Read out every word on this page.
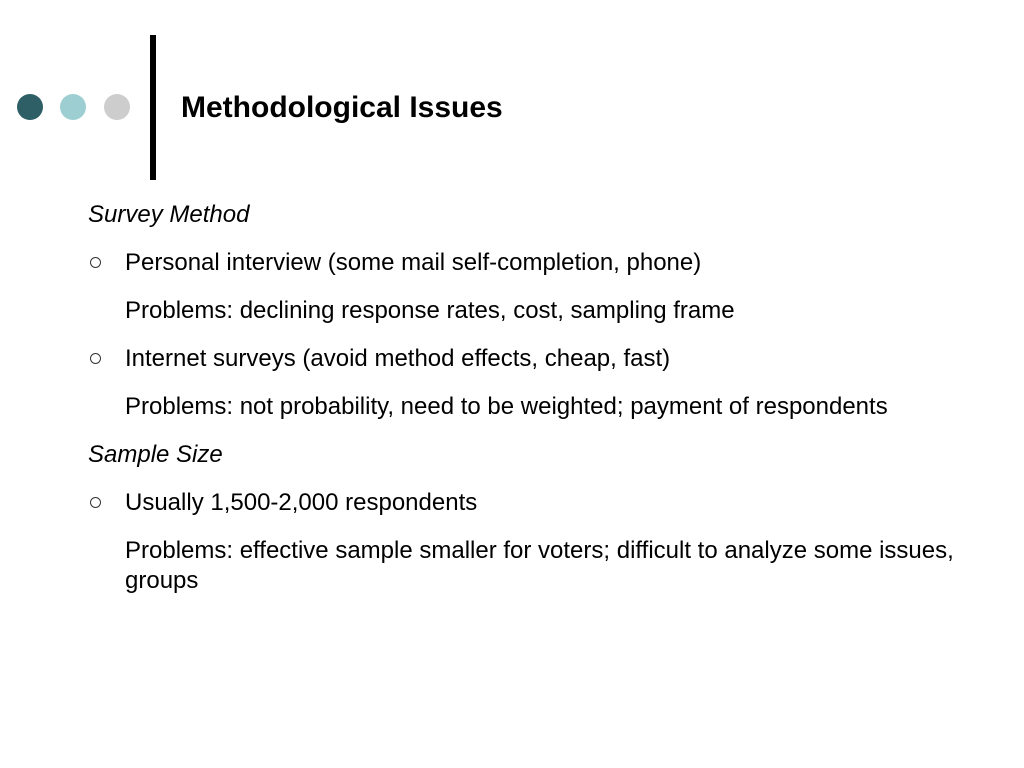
Methodological Issues
Survey Method
Personal interview (some mail self-completion, phone)
Problems: declining response rates, cost, sampling frame
Internet surveys (avoid method effects, cheap, fast)
Problems: not probability, need to be weighted; payment of respondents
Sample Size
Usually 1,500-2,000 respondents
Problems: effective sample smaller for voters; difficult to analyze some issues, groups
